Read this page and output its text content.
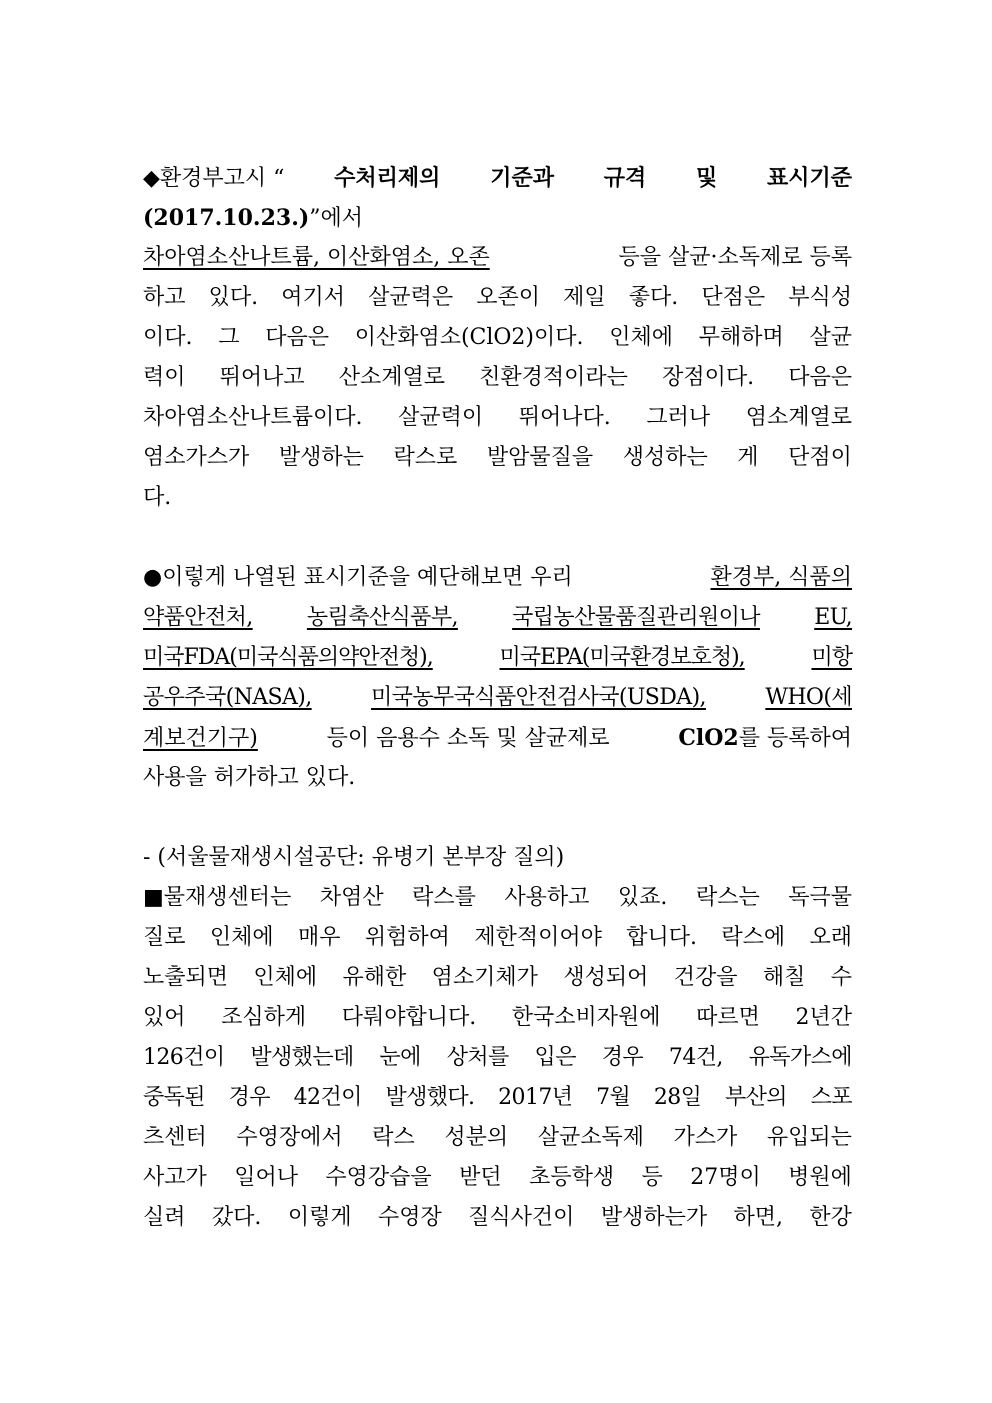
◆환경부고시 “ 수처리제의 기준과 규격 및 표시기준
(2017.10.23.) ”에서
차아염소산나트륨, 이산화염소, 오존	등을 살균·소독제로 등록
하고 있다. 여기서 살균력은 오존이 제일 좋다. 단점은 부식성
이다. 그 다음은 이산화염소(ClO2)이다. 인체에 무해하며 살균
력이 뛰어나고 산소계열로 친환경적이라는 장점이다. 다음은
차아염소산나트륨이다. 살균력이 뛰어나다. 그러나 염소계열로
염소가스가 발생하는 락스로 발암물질을 생성하는 게 단점이
다.
●이렇게 나열된 표시기준을 예단해보면 우리	환경부, 식품의
약품안전처, 농림축산식품부, 국립농산물품질관리원이나 EU,
미국FDA(미국식품의약안전청),	미국EPA(미국환경보호청),	미항
공우주국(NASA),	미국농무국식품안전검사국(USDA),	WHO(세
계보건기구)	등이 음용수 소독 및 살균제로	ClO2를 등록하여
사용을 허가하고 있다.
- (서울물재생시설공단: 유병기 본부장 질의)
■물재생센터는 차염산 락스를 사용하고 있죠. 락스는 독극물
질로 인체에 매우 위험하여 제한적이어야 합니다. 락스에 오래
노출되면 인체에 유해한 염소기체가 생성되어 건강을 해칠 수
있어 조심하게 다뤄야합니다. 한국소비자원에 따르면 2년간
126건이 발생했는데 눈에 상처를 입은 경우 74건, 유독가스에
중독된 경우 42건이 발생했다. 2017년 7월 28일 부산의 스포
츠센터 수영장에서 락스 성분의 살균소독제 가스가 유입되는
사고가 일어나 수영강습을 받던 초등학생 등 27명이 병원에
실려 갔다. 이렇게 수영장 질식사건이 발생하는가 하면, 한강
